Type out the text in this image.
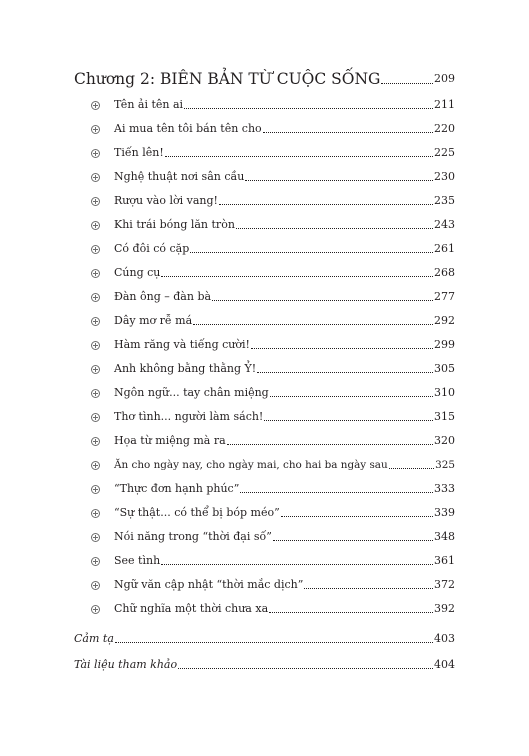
Chương 2: BIÊN BẢN TỪ CUỘC SỐNG	209
Tên ải tên ai	211
Ai mua tên tôi bán tên cho	220
Tiến lên!	225
Nghệ thuật nơi sân cầu	230
Rượu vào lời vang!	235
Khi trái bóng lăn tròn	243
Có đôi có cặp	261
Cúng cụ	268
Đàn ông – đàn bà	277
Dây mơ rễ má	292
Hàm răng và tiếng cười!	299
Anh không bằng thằng Ỷ!	305
Ngôn ngữ... tay chân miệng	310
Thơ tình... người làm sách!	315
Họa từ miệng mà ra	320
Ăn cho ngày nay, cho ngày mai, cho hai ba ngày sau	325
“Thực đơn hạnh phúc”	333
“Sự thật... có thể bị bóp méo”	339
Nói năng trong “thời đại số”	348
See tình	361
Ngữ văn cập nhật “thời mắc dịch”	372
Chữ nghĩa một thời chưa xa	392
Cảm tạ	403
Tài liệu tham khảo	404
